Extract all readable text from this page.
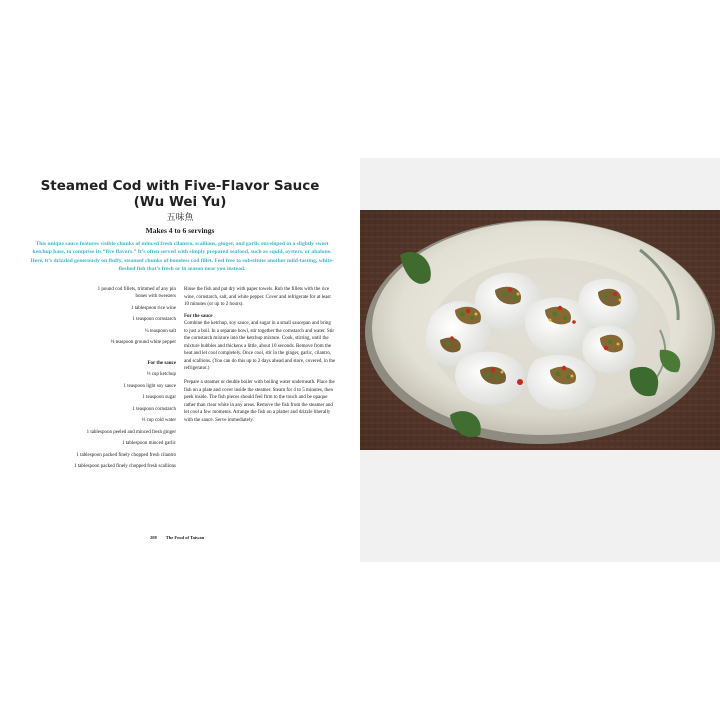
Steamed Cod with Five-Flavor Sauce
(Wu Wei Yu)
五味魚
Makes 4 to 6 servings
This unique sauce features visible chunks of minced fresh cilantro, scallions, ginger, and garlic enveloped in a slightly sweet ketchup base, to comprise its “five flavors.” It’s often served with simply prepared seafood, such as squid, oysters, or abalone. Here, it’s drizzled generously on fluffy, steamed chunks of boneless cod fillet. Feel free to substitute another mild-tasting, white-fleshed fish that’s fresh or in season near you instead.
1 pound cod fillets, trimmed of any pin bones with tweezers
1 tablespoon rice wine
1 teaspoon cornstarch
¼ teaspoon salt
⅛ teaspoon ground white pepper
For the sauce
⅓ cup ketchup
1 teaspoon light soy sauce
1 teaspoon sugar
1 teaspoon cornstarch
⅓ cup cold water
1 tablespoon peeled and minced fresh ginger
1 tablespoon minced garlic
1 tablespoon packed finely chopped fresh cilantro
1 tablespoon packed finely chopped fresh scallions

Rinse the fish and pat dry with paper towels. Rub the fillets with the rice wine, cornstarch, salt, and white pepper. Cover and refrigerate for at least 10 minutes (or up to 2 hours).

For the sauce

Combine the ketchup, soy sauce, and sugar in a small saucepan and bring to just a boil. In a separate bowl, stir together the cornstarch and water. Stir the cornstarch mixture into the ketchup mixture. Cook, stirring, until the mixture bubbles and thickens a little, about 10 seconds. Remove from the heat and let cool completely. Once cool, stir in the ginger, garlic, cilantro, and scallions. (You can do this up to 2 days ahead and store, covered, in the refrigerator.)

Prepare a steamer or double boiler with boiling water underneath. Place the fish on a plate and cover inside the steamer. Steam for 4 to 5 minutes, then peek inside. The fish pieces should feel firm to the touch and be opaque rather than clear white in any areas. Remove the fish from the steamer and let cool a few moments. Arrange the fish on a platter and drizzle liberally with the sauce. Serve immediately.

208 The Food of Taiwan
